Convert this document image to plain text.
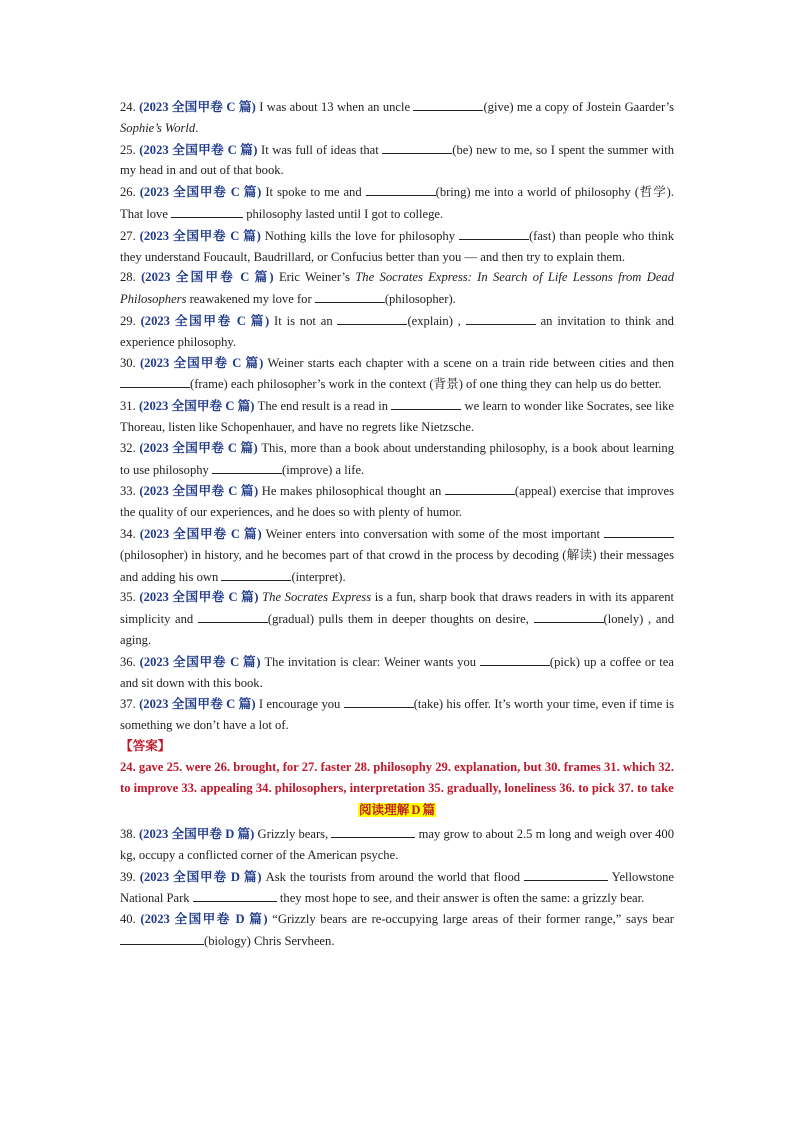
24. (2023 全国甲卷 C 篇) I was about 13 when an uncle	(give) me a copy of Jostein Gaarder’s Sophie’s World.

25. (2023 全国甲卷 C 篇) It was full of ideas that	(be) new to me, so I spent the summer with my head in and out of that book.

26. (2023 全国甲卷 C 篇) It spoke to me and	(bring) me into a world of philosophy (哲学). That love	philosophy lasted until I got to college.

27. (2023 全国甲卷 C 篇) Nothing kills the love for philosophy	(fast) than people who think they understand Foucault, Baudrillard, or Confucius better than you — and then try to explain them.

28. (2023 全国甲卷 C 篇) Eric Weiner’s The Socrates Express: In Search of Life Lessons from Dead Philosophers reawakened my love for	(philosopher).

29. (2023 全国甲卷 C 篇) It is not an	(explain) ,	an invitation to think and experience philosophy.

30. (2023 全国甲卷 C 篇) Weiner starts each chapter with a scene on a train ride between cities and then (frame) each philosopher’s work in the context (背景) of one thing they can help us do better.

31. (2023 全国甲卷 C 篇) The end result is a read in	we learn to wonder like Socrates, see like Thoreau, listen like Schopenhauer, and have no regrets like Nietzsche.

32. (2023 全国甲卷 C 篇) This, more than a book about understanding philosophy, is a book about learning to use philosophy	(improve) a life.

33. (2023 全国甲卷 C 篇) He makes philosophical thought an	(appeal) exercise that improves the quality of our experiences, and he does so with plenty of humor.

34. (2023 全国甲卷 C 篇) Weiner enters into conversation with some of the most important  (philosopher) in history, and he becomes part of that crowd in the process by decoding (解读) their messages and adding his own	(interpret).

35. (2023 全国甲卷 C 篇) The Socrates Express is a fun, sharp book that draws readers in with its apparent simplicity and	(gradual) pulls them in deeper thoughts on desire,	(lonely) , and aging.

36. (2023 全国甲卷 C 篇) The invitation is clear: Weiner wants you	(pick) up a coffee or tea and sit down with this book.

37. (2023 全国甲卷 C 篇) I encourage you	(take) his offer. It’s worth your time, even if time is something we don’t have a lot of.

【答案】

24. gave 25. were 26. brought, for 27. faster 28. philosophy 29. explanation, but 30. frames 31. which 32. to improve 33. appealing 34. philosophers, interpretation 35. gradually, loneliness 36. to pick 37. to take

阅读理解 D 篇

38. (2023 全国甲卷 D 篇) Grizzly bears,	may grow to about 2.5 m long and weigh over 400 kg, occupy a conflicted corner of the American psyche.

39. (2023 全国甲卷 D 篇) Ask the tourists from around the world that flood	Yellowstone National Park	they most hope to see, and their answer is often the same: a grizzly bear.

40. (2023 全国甲卷 D 篇) “Grizzly bears are re-occupying large areas of their former range,” says bear (biology) Chris Servheen.
